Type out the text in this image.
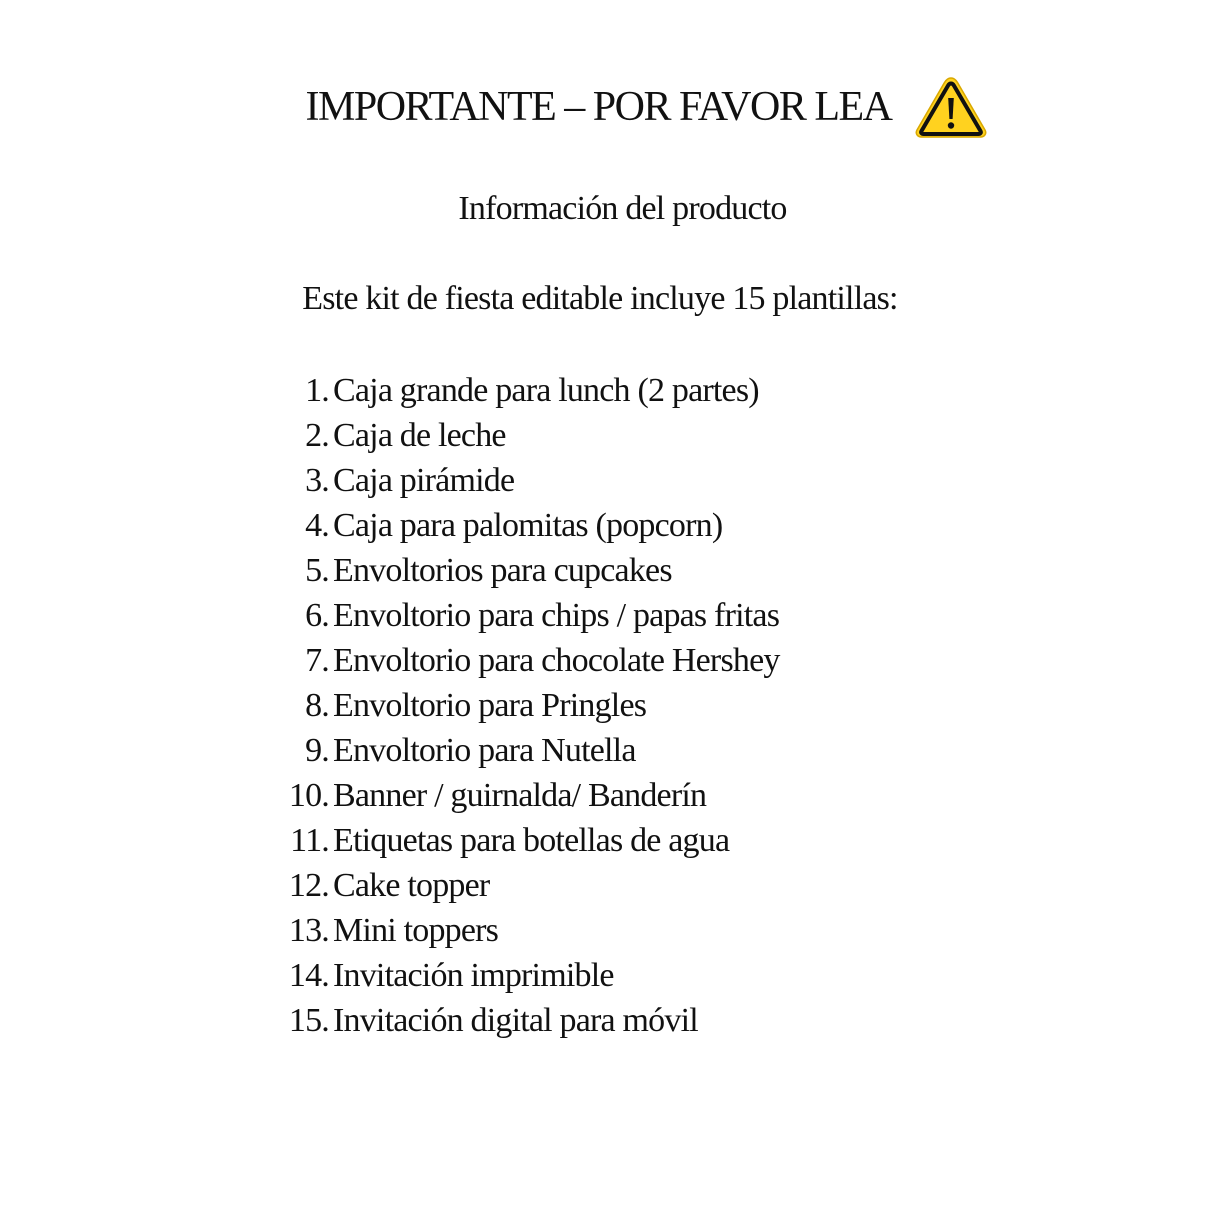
IMPORTANTE – POR FAVOR LEA
Información del producto
Este kit de fiesta editable incluye 15 plantillas:
1. Caja grande para lunch (2 partes)
2. Caja de leche
3. Caja pirámide
4. Caja para palomitas (popcorn)
5. Envoltorios para cupcakes
6. Envoltorio para chips / papas fritas
7. Envoltorio para chocolate Hershey
8. Envoltorio para Pringles
9. Envoltorio para Nutella
10. Banner / guirnalda/ Banderín
11. Etiquetas para botellas de agua
12. Cake topper
13. Mini toppers
14. Invitación imprimible
15. Invitación digital para móvil
